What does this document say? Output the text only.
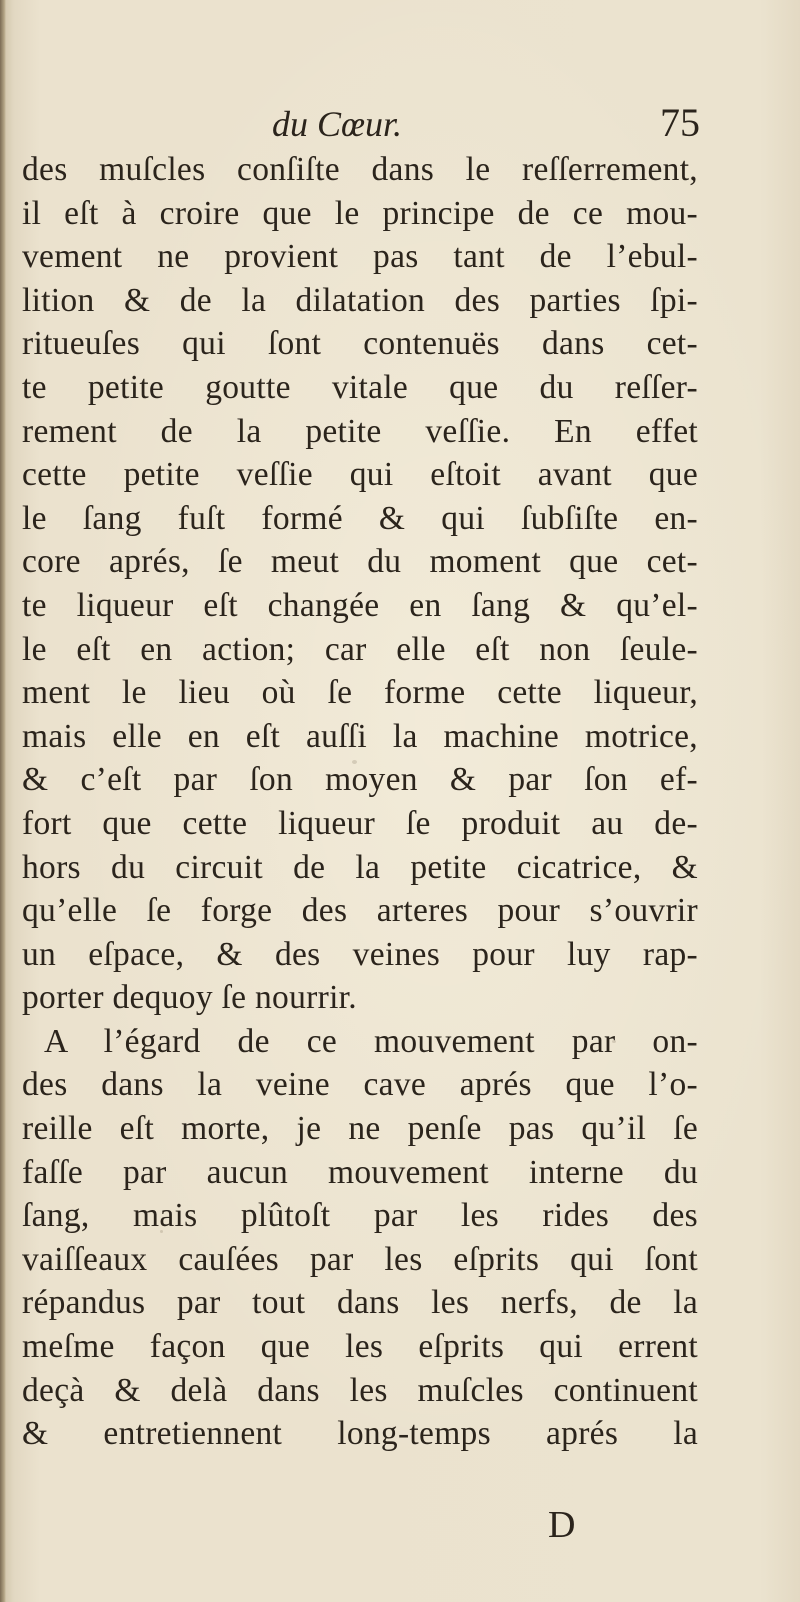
du Cœur.	75
des muſcles conſiſte dans le reſſerrement,
il eſt à croire que le principe de ce mou-
vement ne provient pas tant de l’ebul-
lition & de la dilatation des parties ſpi-
ritueuſes qui ſont contenuës dans cet-
te petite goutte vitale que du reſſer-
rement de la petite veſſie. En effet
cette petite veſſie qui eſtoit avant que
le ſang fuſt formé & qui ſubſiſte en-
core aprés, ſe meut du moment que cet-
te liqueur eſt changée en ſang & qu’el-
le eſt en action; car elle eſt non ſeule-
ment le lieu où ſe forme cette liqueur,
mais elle en eſt auſſi la machine motrice,
& c’eſt par ſon moyen & par ſon ef-
fort que cette liqueur ſe produit au de-
hors du circuit de la petite cicatrice, &
qu’elle ſe forge des arteres pour s’ouvrir
un eſpace, & des veines pour luy rap-
porter dequoy ſe nourrir.
A l’égard de ce mouvement par on-
des dans la veine cave aprés que l’o-
reille eſt morte, je ne penſe pas qu’il ſe
faſſe par aucun mouvement interne du
ſang, mais plûtoſt par les rides des
vaiſſeaux cauſées par les eſprits qui ſont
répandus par tout dans les nerfs, de la
meſme façon que les eſprits qui errent
deçà & delà dans les muſcles continuent
& entretiennent long-temps aprés la
D
